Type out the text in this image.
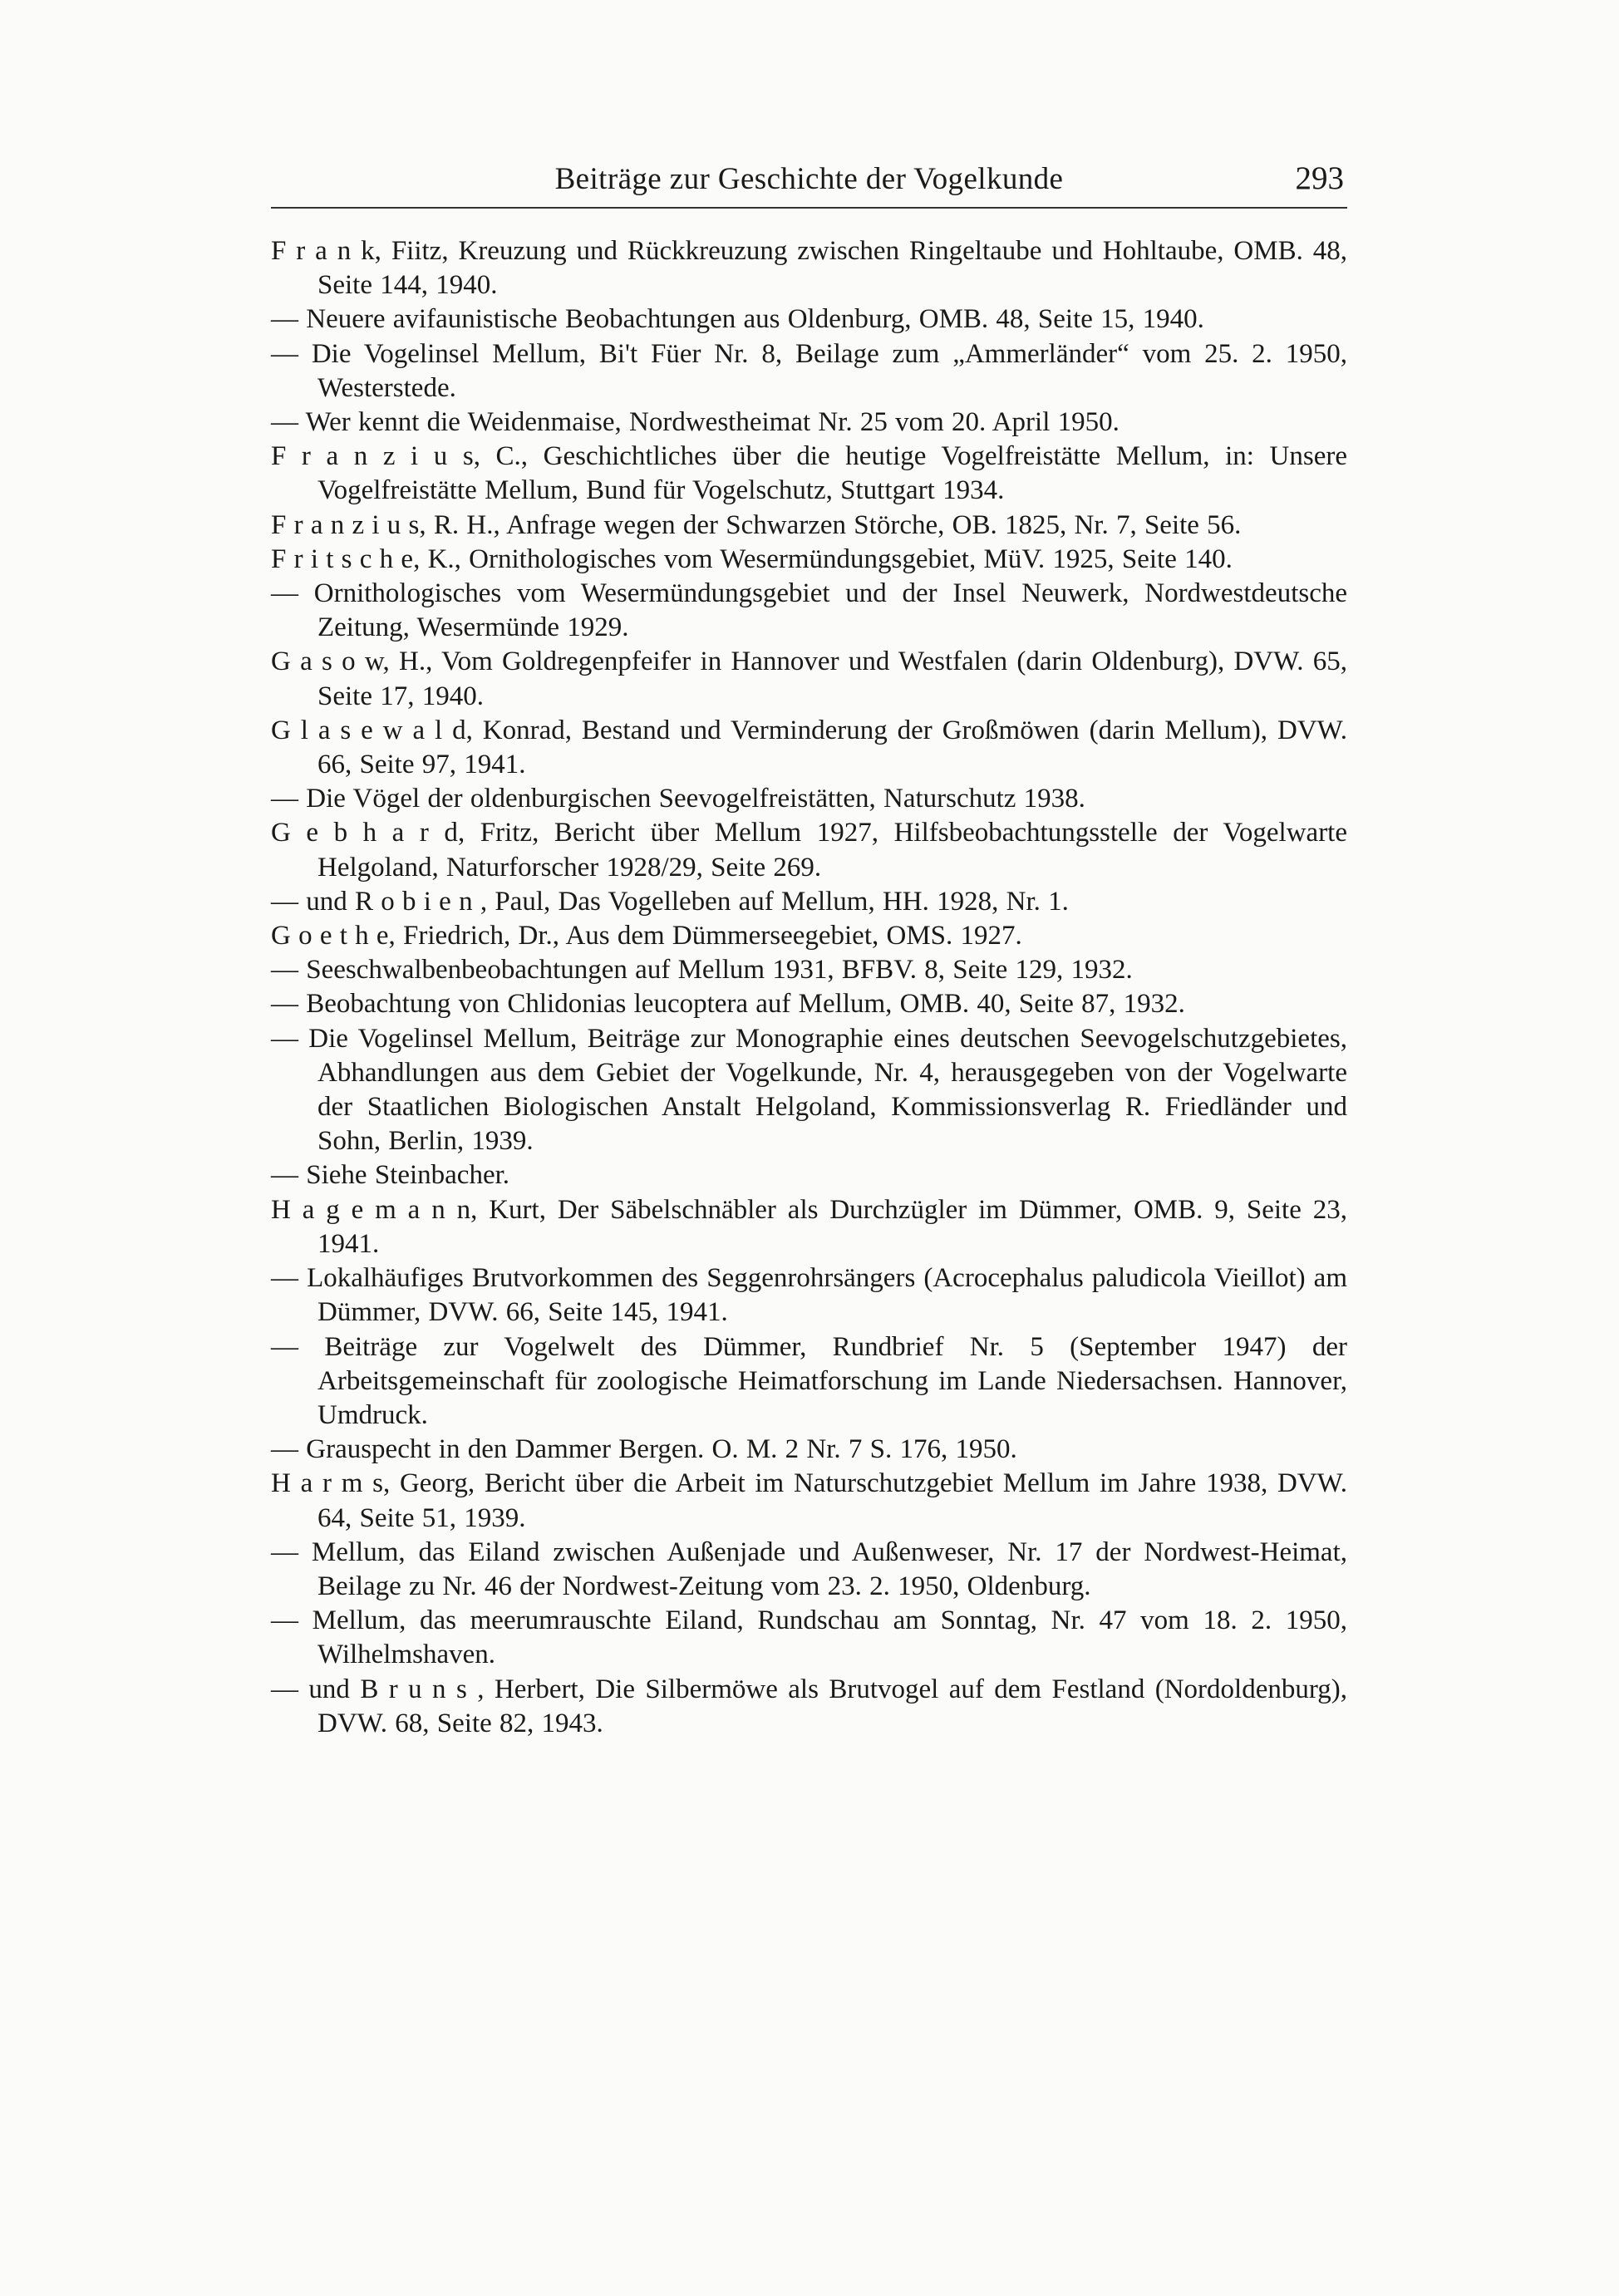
Beiträge zur Geschichte der Vogelkunde	293
F r a n k, Fiitz, Kreuzung und Rückkreuzung zwischen Ringeltaube und Hohltaube, OMB. 48, Seite 144, 1940.
— Neuere avifaunistische Beobachtungen aus Oldenburg, OMB. 48, Seite 15, 1940.
— Die Vogelinsel Mellum, Bi't Füer Nr. 8, Beilage zum „Ammerländer“ vom 25. 2. 1950, Westerstede.
— Wer kennt die Weidenmaise, Nordwestheimat Nr. 25 vom 20. April 1950.
F r a n z i u s, C., Geschichtliches über die heutige Vogelfreistätte Mellum, in: Unsere Vogelfreistätte Mellum, Bund für Vogelschutz, Stuttgart 1934.
F r a n z i u s, R. H., Anfrage wegen der Schwarzen Störche, OB. 1825, Nr. 7, Seite 56.
F r i t s c h e, K., Ornithologisches vom Wesermündungsgebiet, MüV. 1925, Seite 140.
— Ornithologisches vom Wesermündungsgebiet und der Insel Neuwerk, Nordwestdeutsche Zeitung, Wesermünde 1929.
G a s o w, H., Vom Goldregenpfeifer in Hannover und Westfalen (darin Oldenburg), DVW. 65, Seite 17, 1940.
G l a s e w a l d, Konrad, Bestand und Verminderung der Großmöwen (darin Mellum), DVW. 66, Seite 97, 1941.
— Die Vögel der oldenburgischen Seevogelfreistätten, Naturschutz 1938.
G e b h a r d, Fritz, Bericht über Mellum 1927, Hilfsbeobachtungsstelle der Vogelwarte Helgoland, Naturforscher 1928/29, Seite 269.
— und R o b i e n , Paul, Das Vogelleben auf Mellum, HH. 1928, Nr. 1.
G o e t h e, Friedrich, Dr., Aus dem Dümmerseegebiet, OMS. 1927.
— Seeschwalbenbeobachtungen auf Mellum 1931, BFBV. 8, Seite 129, 1932.
— Beobachtung von Chlidonias leucoptera auf Mellum, OMB. 40, Seite 87, 1932.
— Die Vogelinsel Mellum, Beiträge zur Monographie eines deutschen Seevogelschutzgebietes, Abhandlungen aus dem Gebiet der Vogelkunde, Nr. 4, herausgegeben von der Vogelwarte der Staatlichen Biologischen Anstalt Helgoland, Kommissionsverlag R. Friedländer und Sohn, Berlin, 1939.
— Siehe Steinbacher.
H a g e m a n n, Kurt, Der Säbelschnäbler als Durchzügler im Dümmer, OMB. 9, Seite 23, 1941.
— Lokalhäufiges Brutvorkommen des Seggenrohrsängers (Acrocephalus paludicola Vieillot) am Dümmer, DVW. 66, Seite 145, 1941.
— Beiträge zur Vogelwelt des Dümmer, Rundbrief Nr. 5 (September 1947) der Arbeitsgemeinschaft für zoologische Heimatforschung im Lande Niedersachsen. Hannover, Umdruck.
— Grauspecht in den Dammer Bergen. O. M. 2 Nr. 7 S. 176, 1950.
H a r m s, Georg, Bericht über die Arbeit im Naturschutzgebiet Mellum im Jahre 1938, DVW. 64, Seite 51, 1939.
— Mellum, das Eiland zwischen Außenjade und Außenweser, Nr. 17 der Nordwest-Heimat, Beilage zu Nr. 46 der Nordwest-Zeitung vom 23. 2. 1950, Oldenburg.
— Mellum, das meerumrauschte Eiland, Rundschau am Sonntag, Nr. 47 vom 18. 2. 1950, Wilhelmshaven.
— und B r u n s , Herbert, Die Silbermöwe als Brutvogel auf dem Festland (Nordoldenburg), DVW. 68, Seite 82, 1943.
